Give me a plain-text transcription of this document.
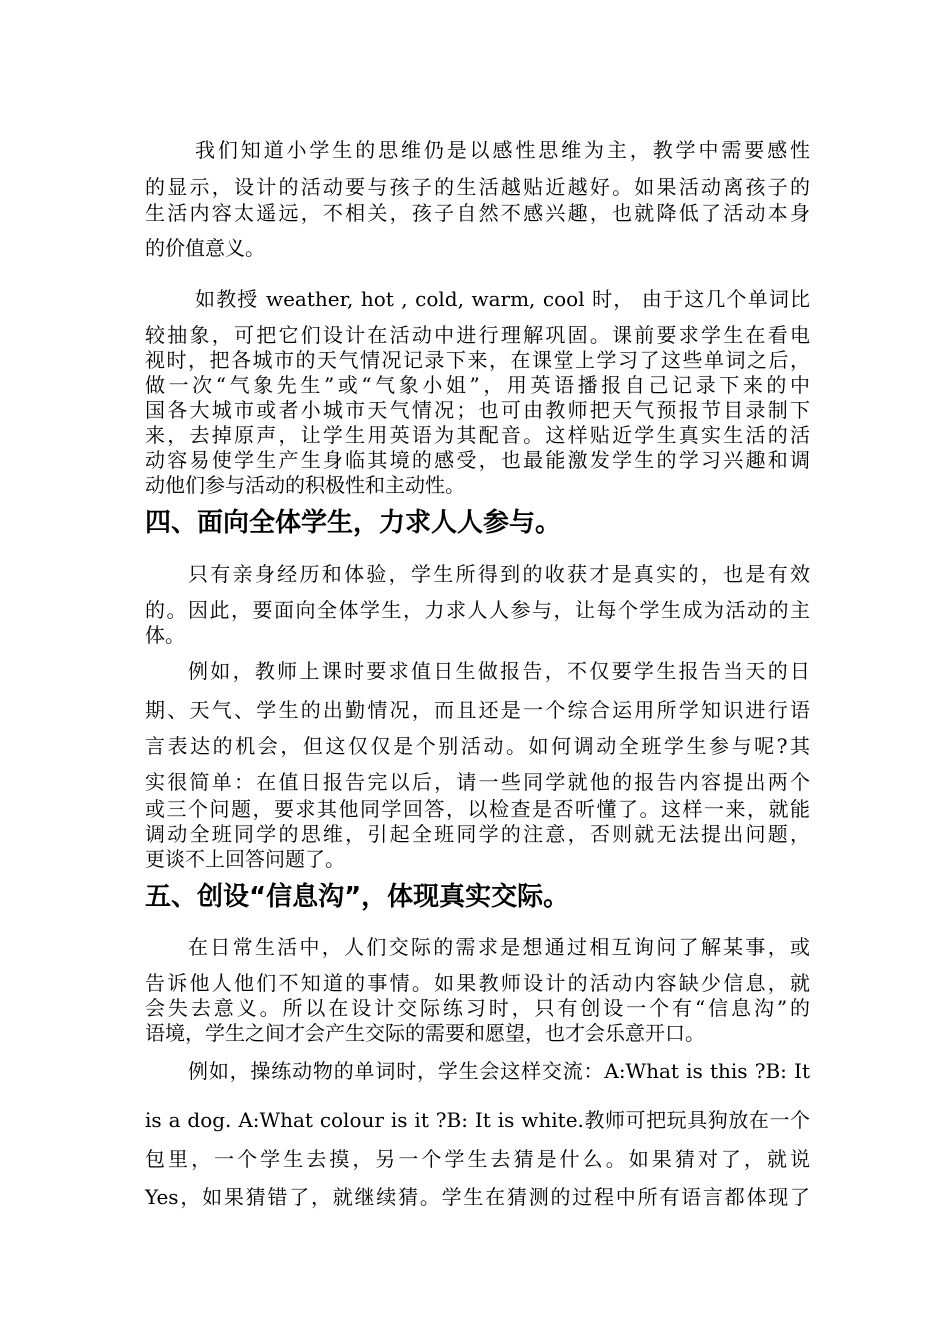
我们知道小学生的思维仍是以感性思维为主，教学中需要感性
的显示，设计的活动要与孩子的生活越贴近越好。如果活动离孩子的
生活内容太遥远，不相关，孩子自然不感兴趣，也就降低了活动本身
的价值意义。
如教授 weather, hot , cold, warm, cool 时， 由于这几个单词比
较抽象，可把它们设计在活动中进行理解巩固。课前要求学生在看电
视时，把各城市的天气情况记录下来，在课堂上学习了这些单词之后，
做一次“气象先生”或“气象小姐”，用英语播报自己记录下来的中
国各大城市或者小城市天气情况；也可由教师把天气预报节目录制下
来，去掉原声，让学生用英语为其配音。这样贴近学生真实生活的活
动容易使学生产生身临其境的感受，也最能激发学生的学习兴趣和调
动他们参与活动的积极性和主动性。
四、面向全体学生，力求人人参与。
只有亲身经历和体验，学生所得到的收获才是真实的，也是有效
的。因此，要面向全体学生，力求人人参与，让每个学生成为活动的主
体。
例如，教师上课时要求值日生做报告，不仅要学生报告当天的日
期、天气、学生的出勤情况，而且还是一个综合运用所学知识进行语
言表达的机会，但这仅仅是个别活动。如何调动全班学生参与呢?其
实很简单：在值日报告完以后，请一些同学就他的报告内容提出两个
或三个问题，要求其他同学回答，以检查是否听懂了。这样一来，就能
调动全班同学的思维，引起全班同学的注意，否则就无法提出问题，
更谈不上回答问题了。
五、创设“信息沟”，体现真实交际。
在日常生活中，人们交际的需求是想通过相互询问了解某事，或
告诉他人他们不知道的事情。如果教师设计的活动内容缺少信息，就
会失去意义。所以在设计交际练习时，只有创设一个有“信息沟”的
语境，学生之间才会产生交际的需要和愿望，也才会乐意开口。
例如，操练动物的单词时，学生会这样交流：A:What is this ?B: It
is a dog. A:What colour is it ?B: It is white.教师可把玩具狗放在一个
包里，一个学生去摸，另一个学生去猜是什么。如果猜对了，就说
Yes，如果猜错了，就继续猜。学生在猜测的过程中所有语言都体现了
